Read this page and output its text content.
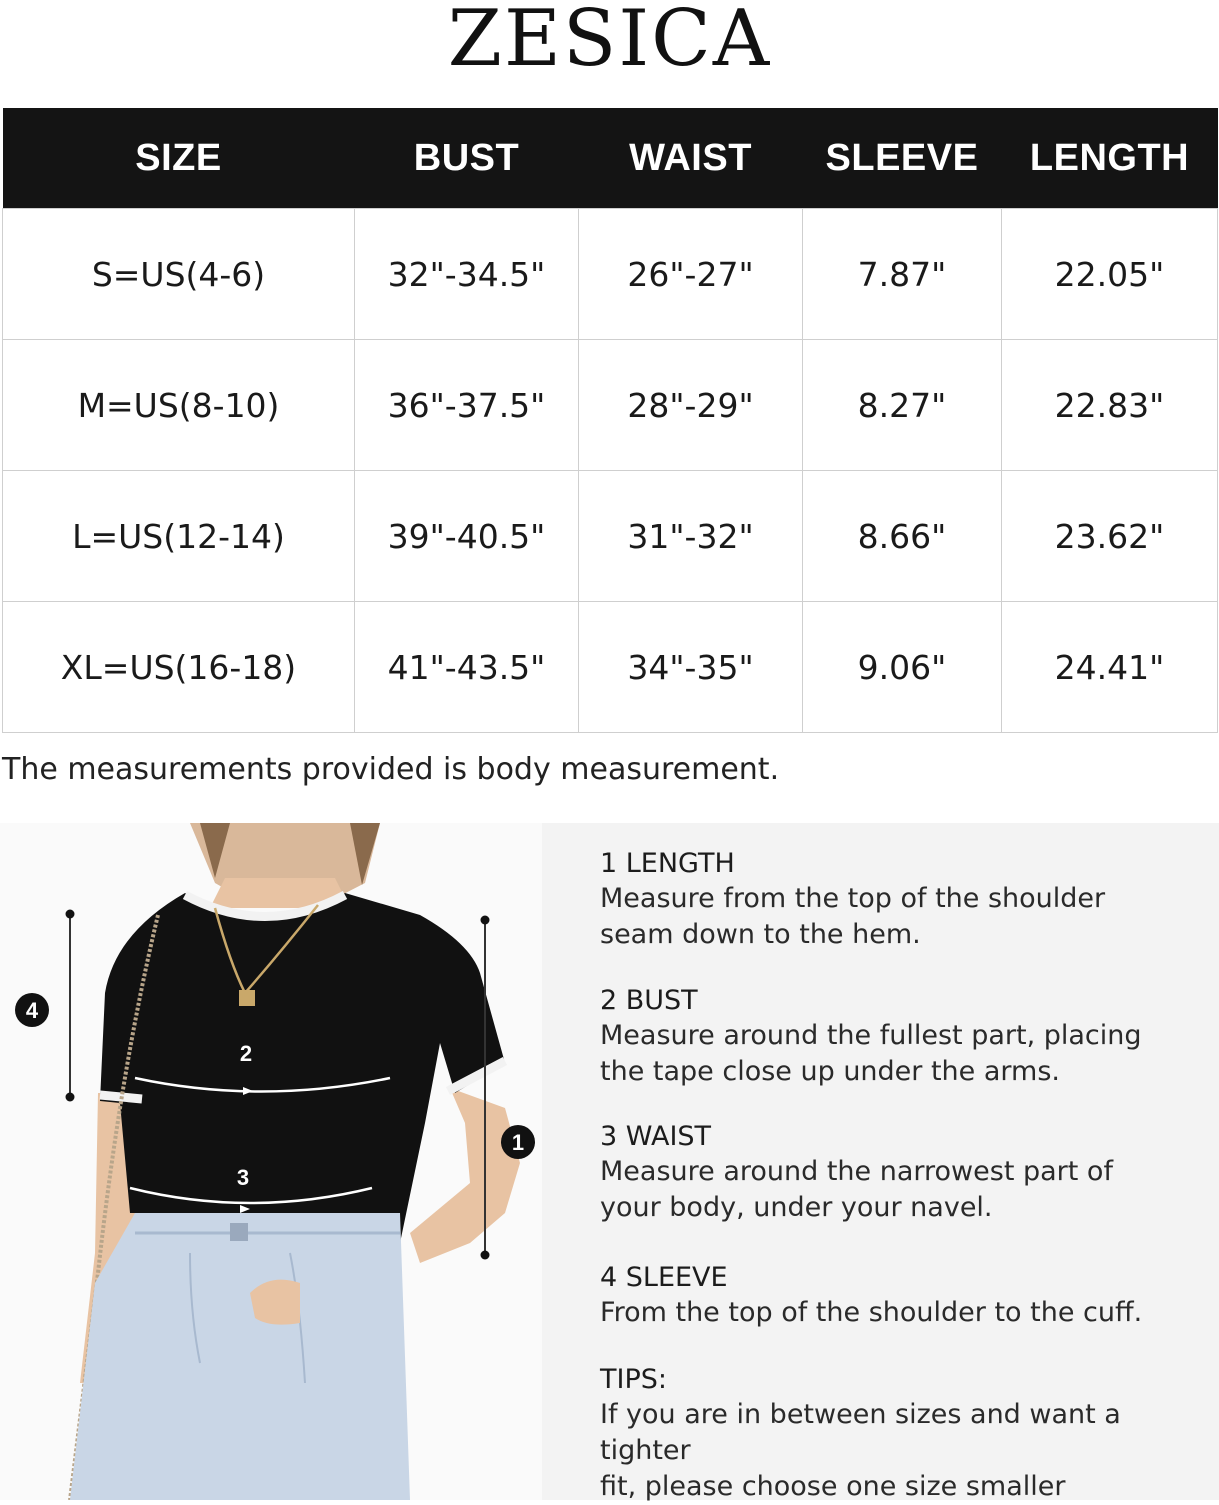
ZESICA
SIZE	BUST	WAIST	SLEEVE	LENGTH
S=US(4-6)	32"-34.5"	26"-27"	7.87"	22.05"
M=US(8-10)	36"-37.5"	28"-29"	8.27"	22.83"
L=US(12-14)	39"-40.5"	31"-32"	8.66"	23.62"
XL=US(16-18)	41"-43.5"	34"-35"	9.06"	24.41"
The measurements provided is body measurement.
1
4
2
3
1 LENGTH
Measure from the top of the shoulder
seam down to the hem.
2 BUST
Measure around the fullest part, placing
the tape close up under the arms.
3 WAIST
Measure around the narrowest part of
your body, under your navel.
4 SLEEVE
From the top of the shoulder to the cuff.
TIPS:
If you are in between sizes and want a tighter
fit, please choose one size smaller
